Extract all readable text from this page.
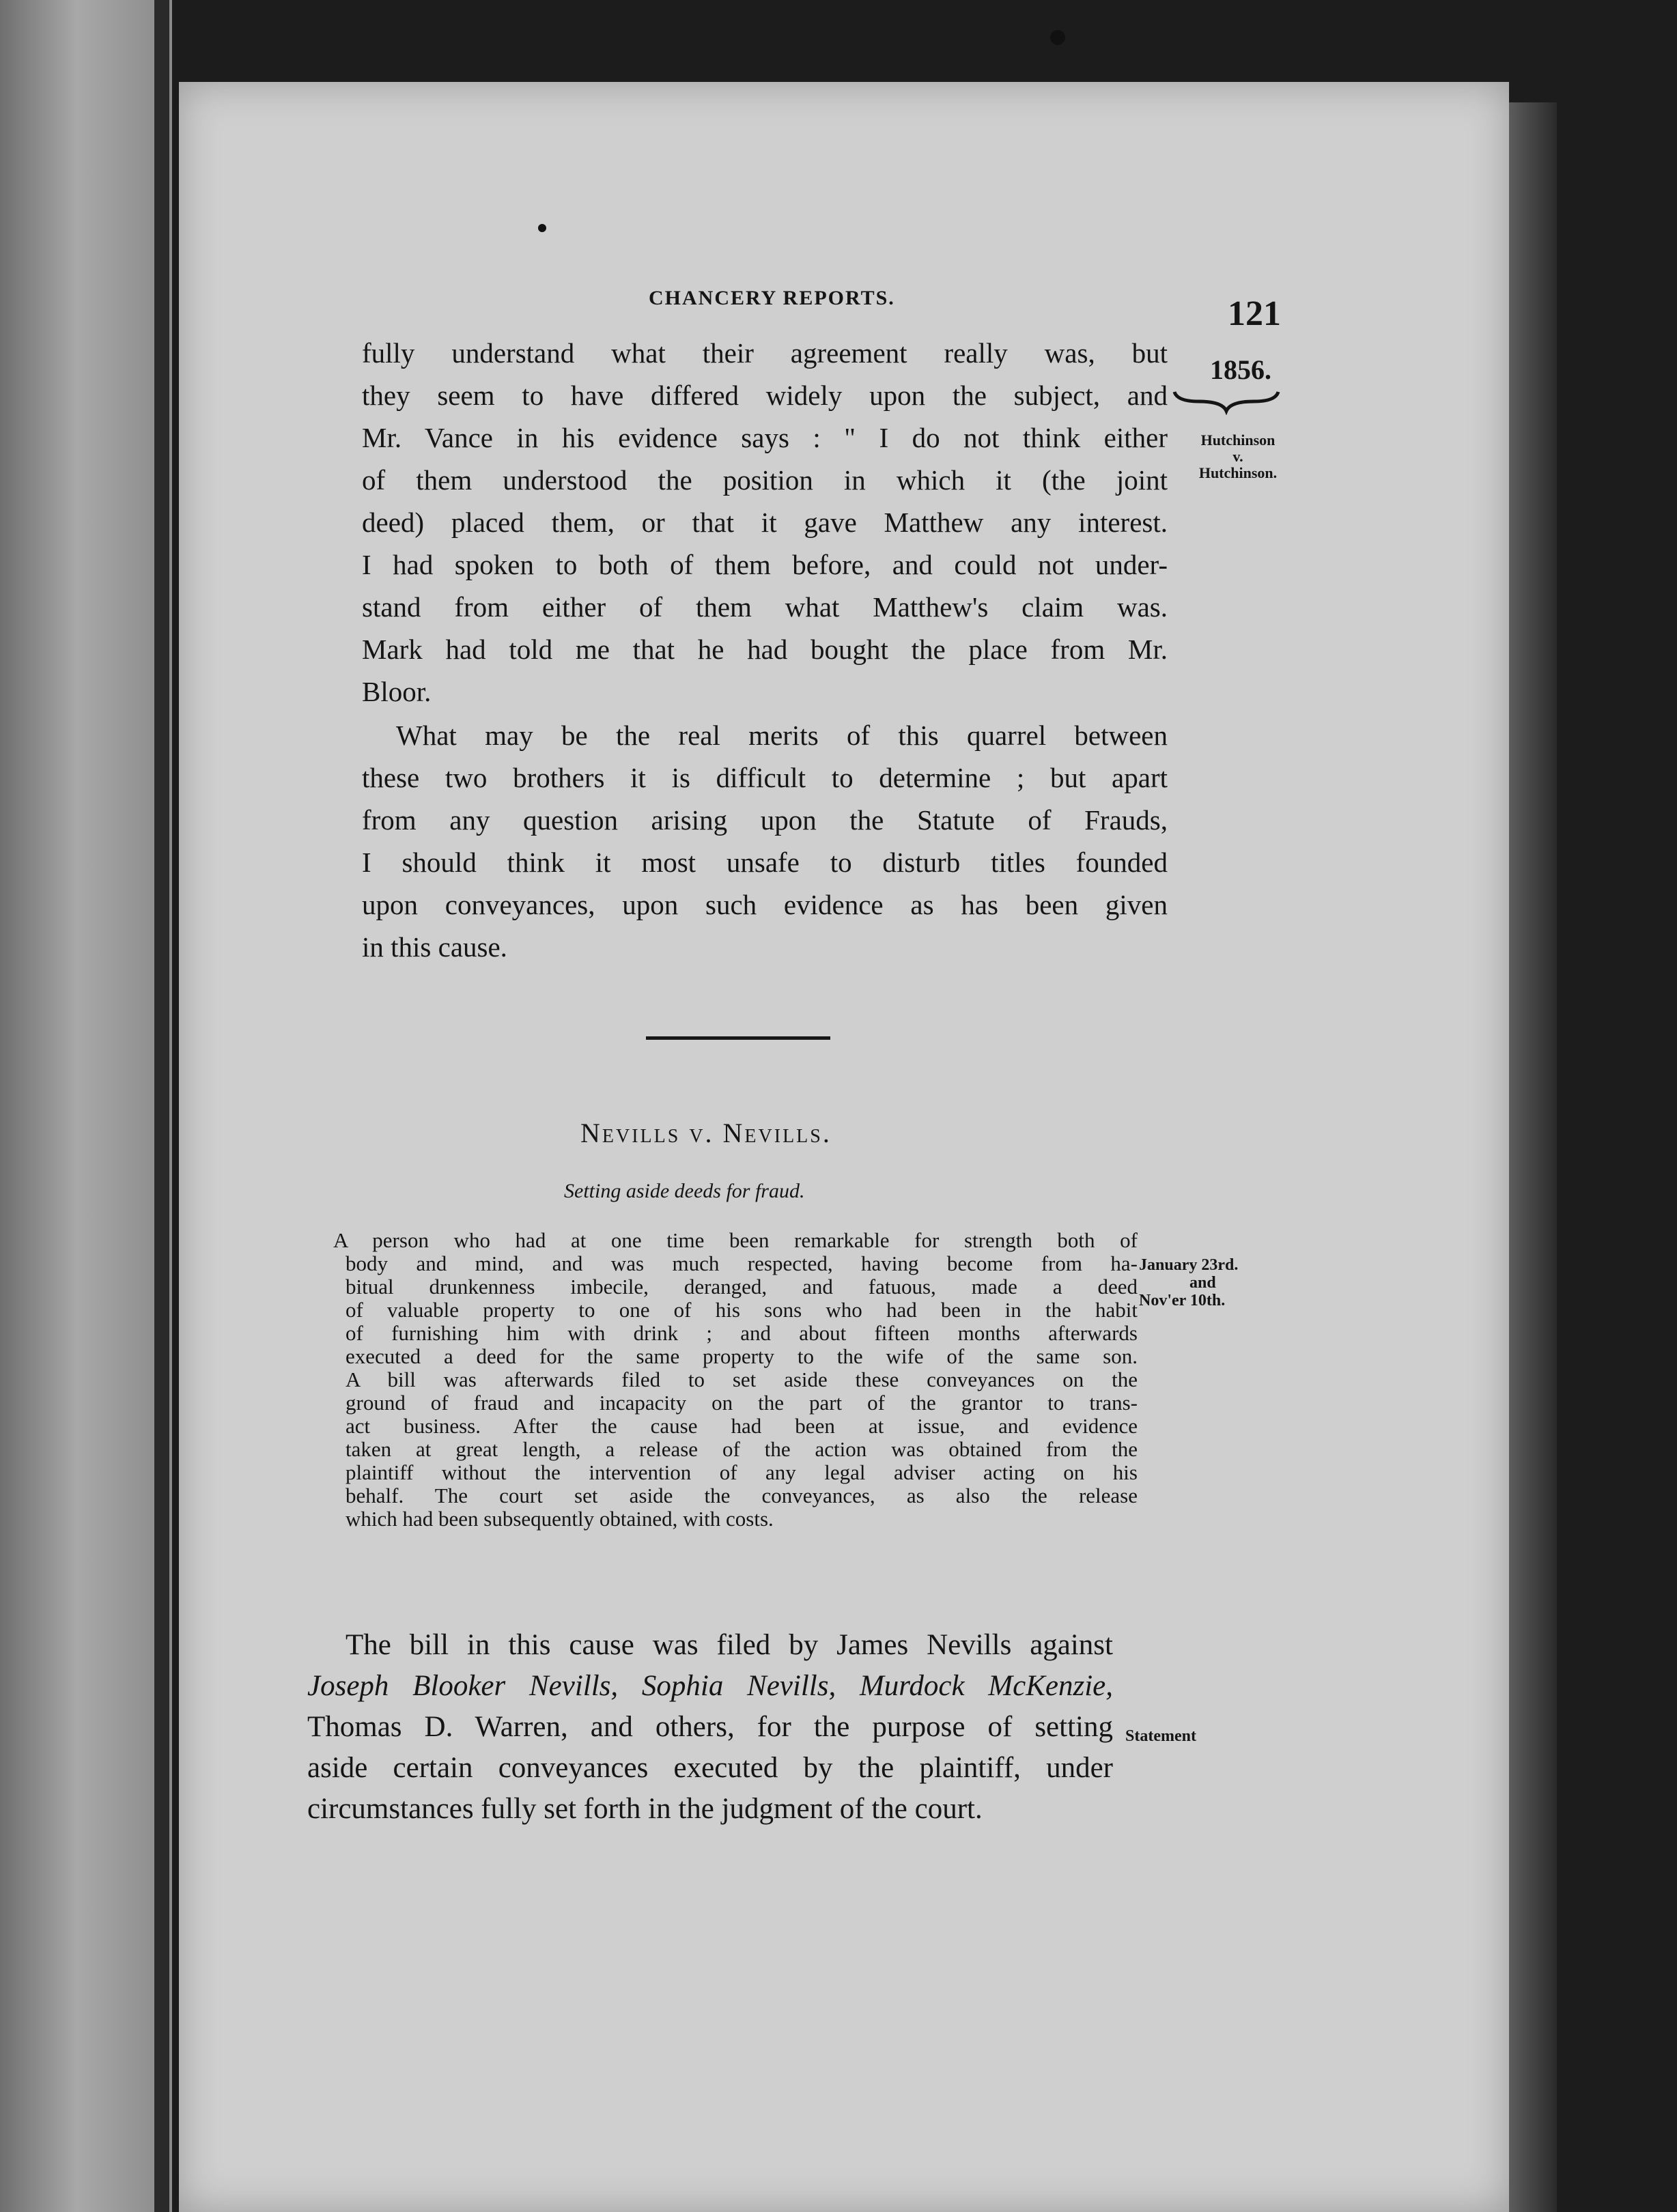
CHANCERY REPORTS.	121
1856.
Hutchinson
v.
Hutchinson.
fully understand what their agreement really was, but
they seem to have differed widely upon the subject, and
Mr. Vance in his evidence says : " I do not think either
of them understood the position in which it (the joint
deed) placed them, or that it gave Matthew any interest.
I had spoken to both of them before, and could not under-
stand from either of them what Matthew's claim was.
Mark had told me that he had bought the place from Mr.
Bloor.
What may be the real merits of this quarrel between
these two brothers it is difficult to determine ; but apart
from any question arising upon the Statute of Frauds,
I should think it most unsafe to disturb titles founded
upon conveyances, upon such evidence as has been given
in this cause.
Nevills v. Nevills.
Setting aside deeds for fraud.
A person who had at one time been remarkable for strength both of
body and mind, and was much respected, having become from ha-
bitual drunkenness imbecile, deranged, and fatuous, made a deed
of valuable property to one of his sons who had been in the habit
of furnishing him with drink ; and about fifteen months afterwards
executed a deed for the same property to the wife of the same son.
A bill was afterwards filed to set aside these conveyances on the
ground of fraud and incapacity on the part of the grantor to trans-
act business. After the cause had been at issue, and evidence
taken at great length, a release of the action was obtained from the
plaintiff without the intervention of any legal adviser acting on his
behalf. The court set aside the conveyances, as also the release
which had been subsequently obtained, with costs.
January 23rd.
and
Nov'er 10th.
The bill in this cause was filed by James Nevills against
Joseph Blooker Nevills, Sophia Nevills, Murdock McKenzie,
Thomas D. Warren, and others, for the purpose of setting
aside certain conveyances executed by the plaintiff, under
circumstances fully set forth in the judgment of the court.
Statement
